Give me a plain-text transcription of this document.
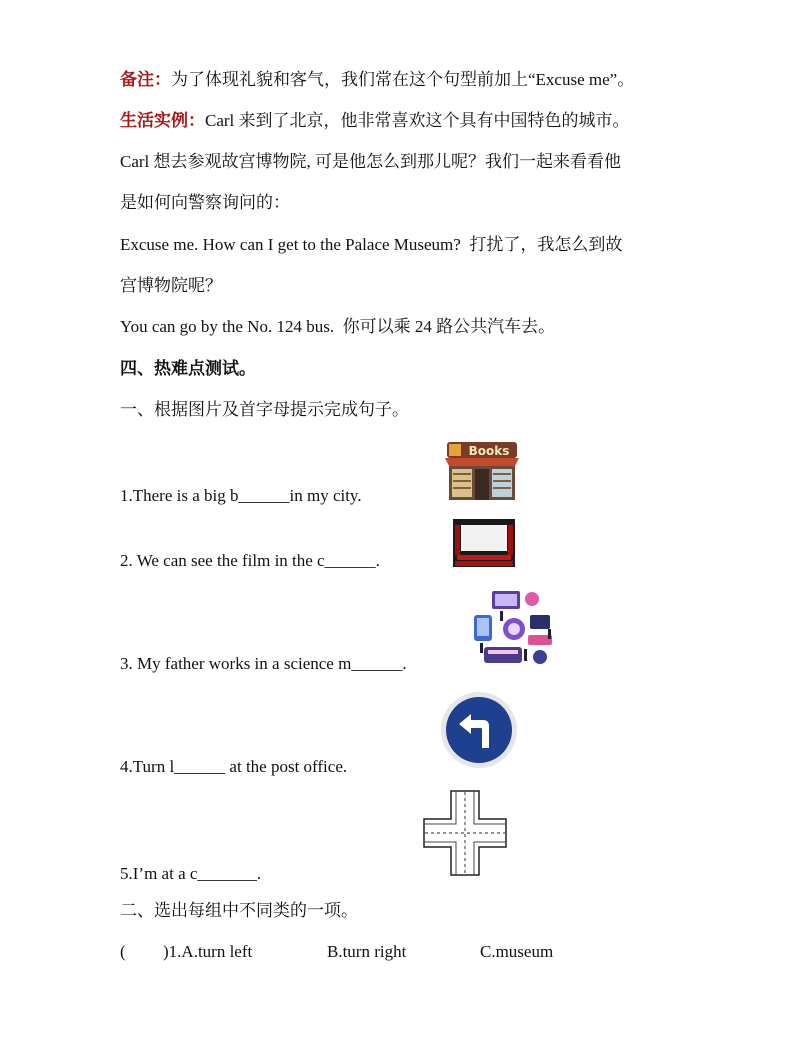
备注：为了体现礼貌和客气，我们常在这个句型前加上“Excuse me”。
生活实例：Carl 来到了北京，他非常喜欢这个具有中国特色的城市。
Carl 想去参观故宫博物院, 可是他怎么到那儿呢？我们一起来看看他
是如何向警察询问的：
Excuse me. How can I get to the Palace Museum? 打扰了，我怎么到故
宫博物院呢？
You can go by the No. 124 bus. 你可以乘 24 路公共汽车去。
四、热难点测试。
一、根据图片及首字母提示完成句子。
1.There is a big b______in my city.
2. We can see the film in the c______.
3. My father works in a science m______.
4.Turn l______ at the post office.
5.I’m at a c_______.
Books
二、选出每组中不同类的一项。
( )1.A.turn left	B.turn right	C.museum
